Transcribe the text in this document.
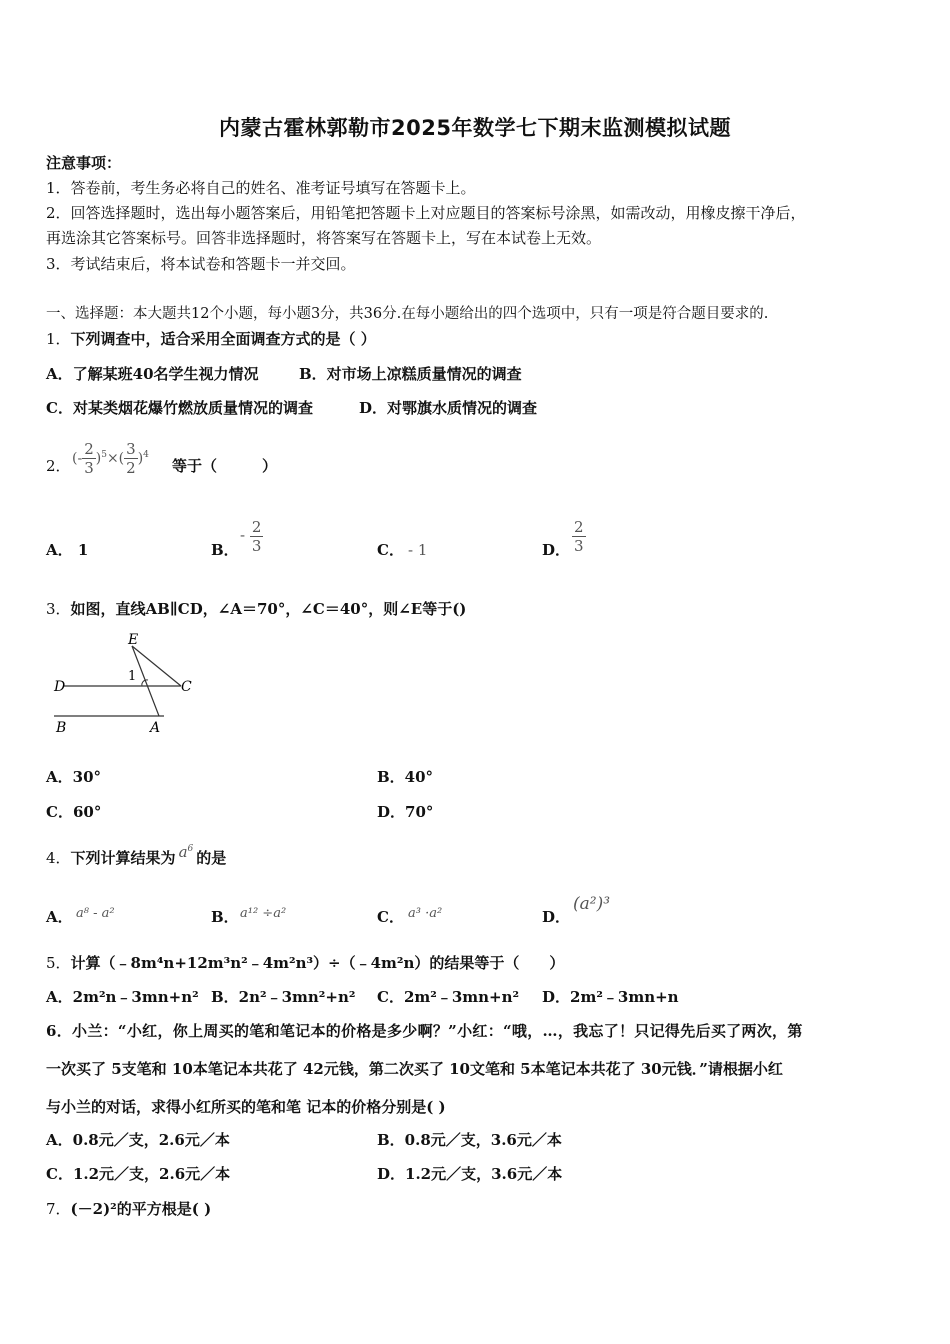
内蒙古霍林郭勒市2025年数学七下期末监测模拟试题
注意事项：
1．答卷前，考生务必将自己的姓名、准考证号填写在答题卡上。
2．回答选择题时，选出每小题答案后，用铅笔把答题卡上对应题目的答案标号涂黑，如需改动，用橡皮擦干净后，
再选涂其它答案标号。回答非选择题时，将答案写在答题卡上，写在本试卷上无效。
3．考试结束后，将本试卷和答题卡一并交回。
一、选择题：本大题共12个小题，每小题3分，共36分.在每小题给出的四个选项中，只有一项是符合题目要求的.
1．下列调查中，适合采用全面调查方式的是（ ）
A．了解某班40名学生视力情况	B．对市场上凉糕质量情况的调查
C．对某类烟花爆竹燃放质量情况的调查	D．对鄂旗水质情况的调查
2． (- $\frac{2}{3} )^5\times( \frac{3}{2} )^4$
等于（　　　）
A． 1	B．
- $\frac{2}{3}$	C． - 1	D． $\frac{2}{3}$
3．如图，直线AB∥CD，∠A＝70°，∠C＝40°，则∠E等于()
E
D	C
B	A
1
A．30°	B．40°
C．60°	D．70°
4．下列计算结果为 $a^6$ 的是
A． a⁸ - a²	B． a¹² ÷a²	C． a³ ·a²	D．
(a²)³
5．计算（﹣8m⁴n+12m³n²﹣4m²n³）÷（﹣4m²n）的结果等于（　　）
A．2m²n﹣3mn+n² B．2n²﹣3mn²+n² C．2m²﹣3mn+n² D．2m²﹣3mn+n
6．小兰：“小红，你上周买的笔和笔记本的价格是多少啊？”小红：“哦，…，我忘了！只记得先后买了两次，第
一次买了 5支笔和 10本笔记本共花了 42元钱，第二次买了 10文笔和 5本笔记本共花了 30元钱．”请根据小红
与小兰的对话，求得小红所买的笔和笔 记本的价格分别是( )
A．0.8元／支，2.6元／本	B．0.8元／支，3.6元／本
C．1.2元／支，2.6元／本	D．1.2元／支，3.6元／本
7．(－2)²的平方根是( )
